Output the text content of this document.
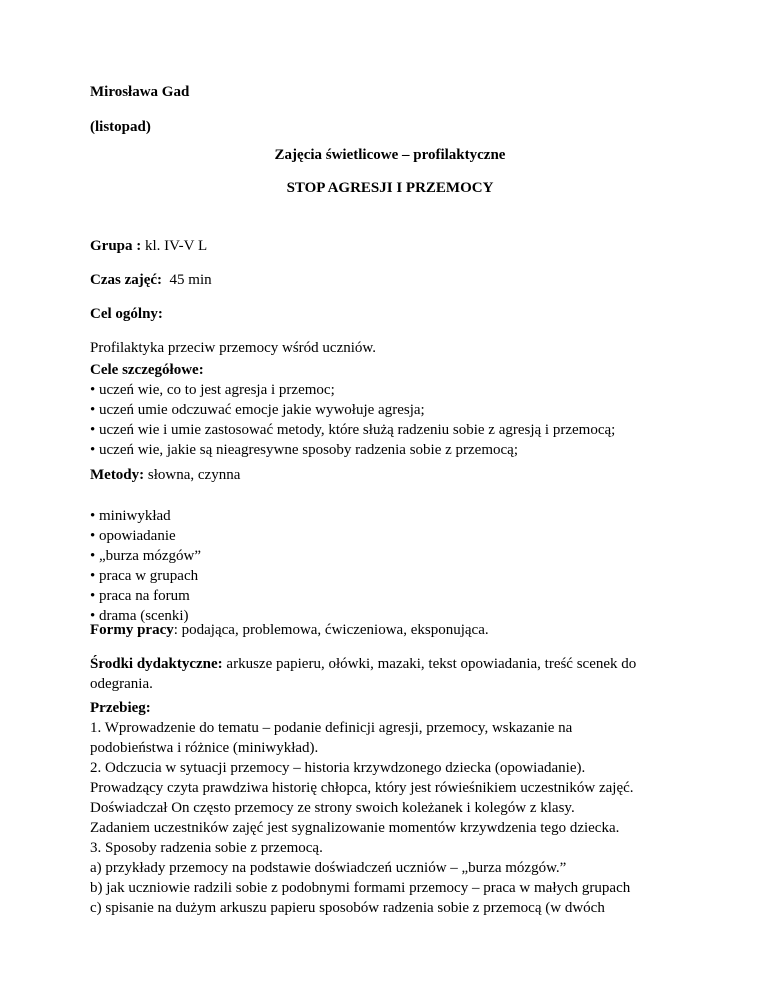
Mirosława Gad

(listopad)

Zajęcia świetlicowe – profilaktyczne

STOP AGRESJI I PRZEMOCY

Grupa : kl. IV-V L

Czas zajęć:  45 min

Cel ogólny:

Profilaktyka przeciw przemocy wśród uczniów.

Cele szczegółowe:

• uczeń wie, co to jest agresja i przemoc;

• uczeń umie odczuwać emocje jakie wywołuje agresja;

• uczeń wie i umie zastosować metody, które służą radzeniu sobie z agresją i przemocą;

• uczeń wie, jakie są nieagresywne sposoby radzenia sobie z przemocą;

Metody: słowna, czynna

• miniwykład

• opowiadanie

• „burza mózgów”

• praca w grupach

• praca na forum

• drama (scenki)

Formy pracy: podająca, problemowa, ćwiczeniowa, eksponująca.

Środki dydaktyczne: arkusze papieru, ołówki, mazaki, tekst opowiadania, treść scenek do

odegrania.

Przebieg:

1. Wprowadzenie do tematu – podanie definicji agresji, przemocy, wskazanie na

podobieństwa i różnice (miniwykład).

2. Odczucia w sytuacji przemocy – historia krzywdzonego dziecka (opowiadanie).

Prowadzący czyta prawdziwa historię chłopca, który jest rówieśnikiem uczestników zajęć.

Doświadczał On często przemocy ze strony swoich koleżanek i kolegów z klasy.

Zadaniem uczestników zajęć jest sygnalizowanie momentów krzywdzenia tego dziecka.

3. Sposoby radzenia sobie z przemocą.

a) przykłady przemocy na podstawie doświadczeń uczniów – „burza mózgów.”

b) jak uczniowie radzili sobie z podobnymi formami przemocy – praca w małych grupach

c) spisanie na dużym arkuszu papieru sposobów radzenia sobie z przemocą (w dwóch
